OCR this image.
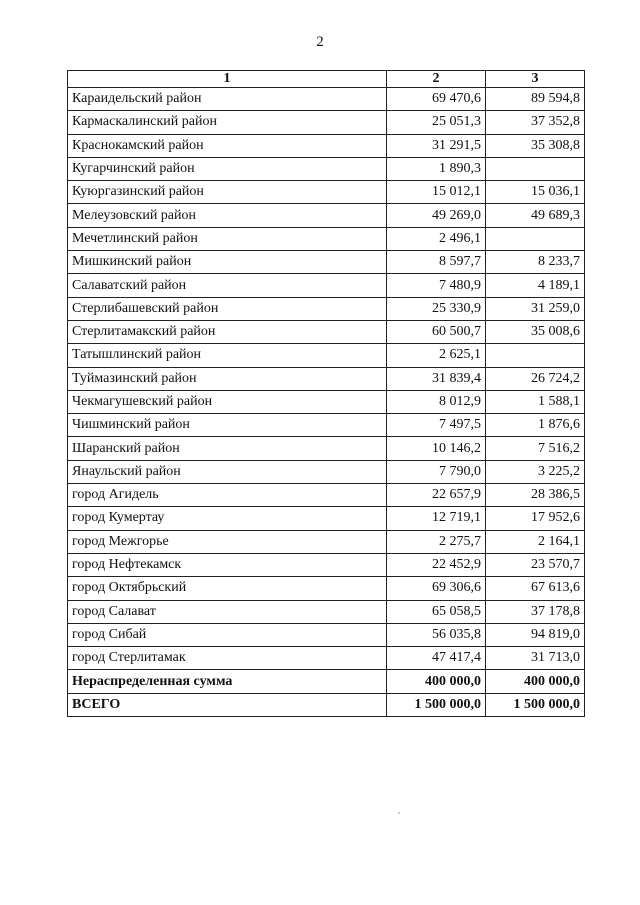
2
1	2	3
Караидельский район	69 470,6	89 594,8
Кармаскалинский район	25 051,3	37 352,8
Краснокамский район	31 291,5	35 308,8
Кугарчинский район	1 890,3	
Куюргазинский район	15 012,1	15 036,1
Мелеузовский район	49 269,0	49 689,3
Мечетлинский район	2 496,1	
Мишкинский район	8 597,7	8 233,7
Салаватский район	7 480,9	4 189,1
Стерлибашевский район	25 330,9	31 259,0
Стерлитамакский район	60 500,7	35 008,6
Татышлинский район	2 625,1	
Туймазинский район	31 839,4	26 724,2
Чекмагушевский район	8 012,9	1 588,1
Чишминский район	7 497,5	1 876,6
Шаранский район	10 146,2	7 516,2
Янаульский район	7 790,0	3 225,2
город Агидель	22 657,9	28 386,5
город Кумертау	12 719,1	17 952,6
город Межгорье	2 275,7	2 164,1
город Нефтекамск	22 452,9	23 570,7
город Октябрьский	69 306,6	67 613,6
город Салават	65 058,5	37 178,8
город Сибай	56 035,8	94 819,0
город Стерлитамак	47 417,4	31 713,0
Нераспределенная сумма	400 000,0	400 000,0
ВСЕГО	1 500 000,0	1 500 000,0
